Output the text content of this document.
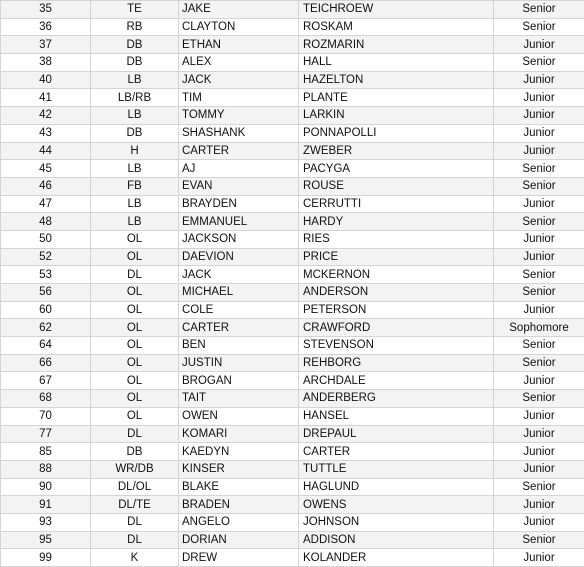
35	TE	JAKE	TEICHROEW	Senior
36	RB	CLAYTON	ROSKAM	Senior
37	DB	ETHAN	ROZMARIN	Junior
38	DB	ALEX	HALL	Senior
40	LB	JACK	HAZELTON	Junior
41	LB/RB	TIM	PLANTE	Junior
42	LB	TOMMY	LARKIN	Junior
43	DB	SHASHANK	PONNAPOLLI	Junior
44	H	CARTER	ZWEBER	Junior
45	LB	AJ	PACYGA	Senior
46	FB	EVAN	ROUSE	Senior
47	LB	BRAYDEN	CERRUTTI	Junior
48	LB	EMMANUEL	HARDY	Senior
50	OL	JACKSON	RIES	Junior
52	OL	DAEVION	PRICE	Junior
53	DL	JACK	MCKERNON	Senior
56	OL	MICHAEL	ANDERSON	Senior
60	OL	COLE	PETERSON	Junior
62	OL	CARTER	CRAWFORD	Sophomore
64	OL	BEN	STEVENSON	Senior
66	OL	JUSTIN	REHBORG	Senior
67	OL	BROGAN	ARCHDALE	Junior
68	OL	TAIT	ANDERBERG	Senior
70	OL	OWEN	HANSEL	Junior
77	DL	KOMARI	DREPAUL	Junior
85	DB	KAEDYN	CARTER	Junior
88	WR/DB	KINSER	TUTTLE	Junior
90	DL/OL	BLAKE	HAGLUND	Senior
91	DL/TE	BRADEN	OWENS	Junior
93	DL	ANGELO	JOHNSON	Junior
95	DL	DORIAN	ADDISON	Senior
99	K	DREW	KOLANDER	Junior
